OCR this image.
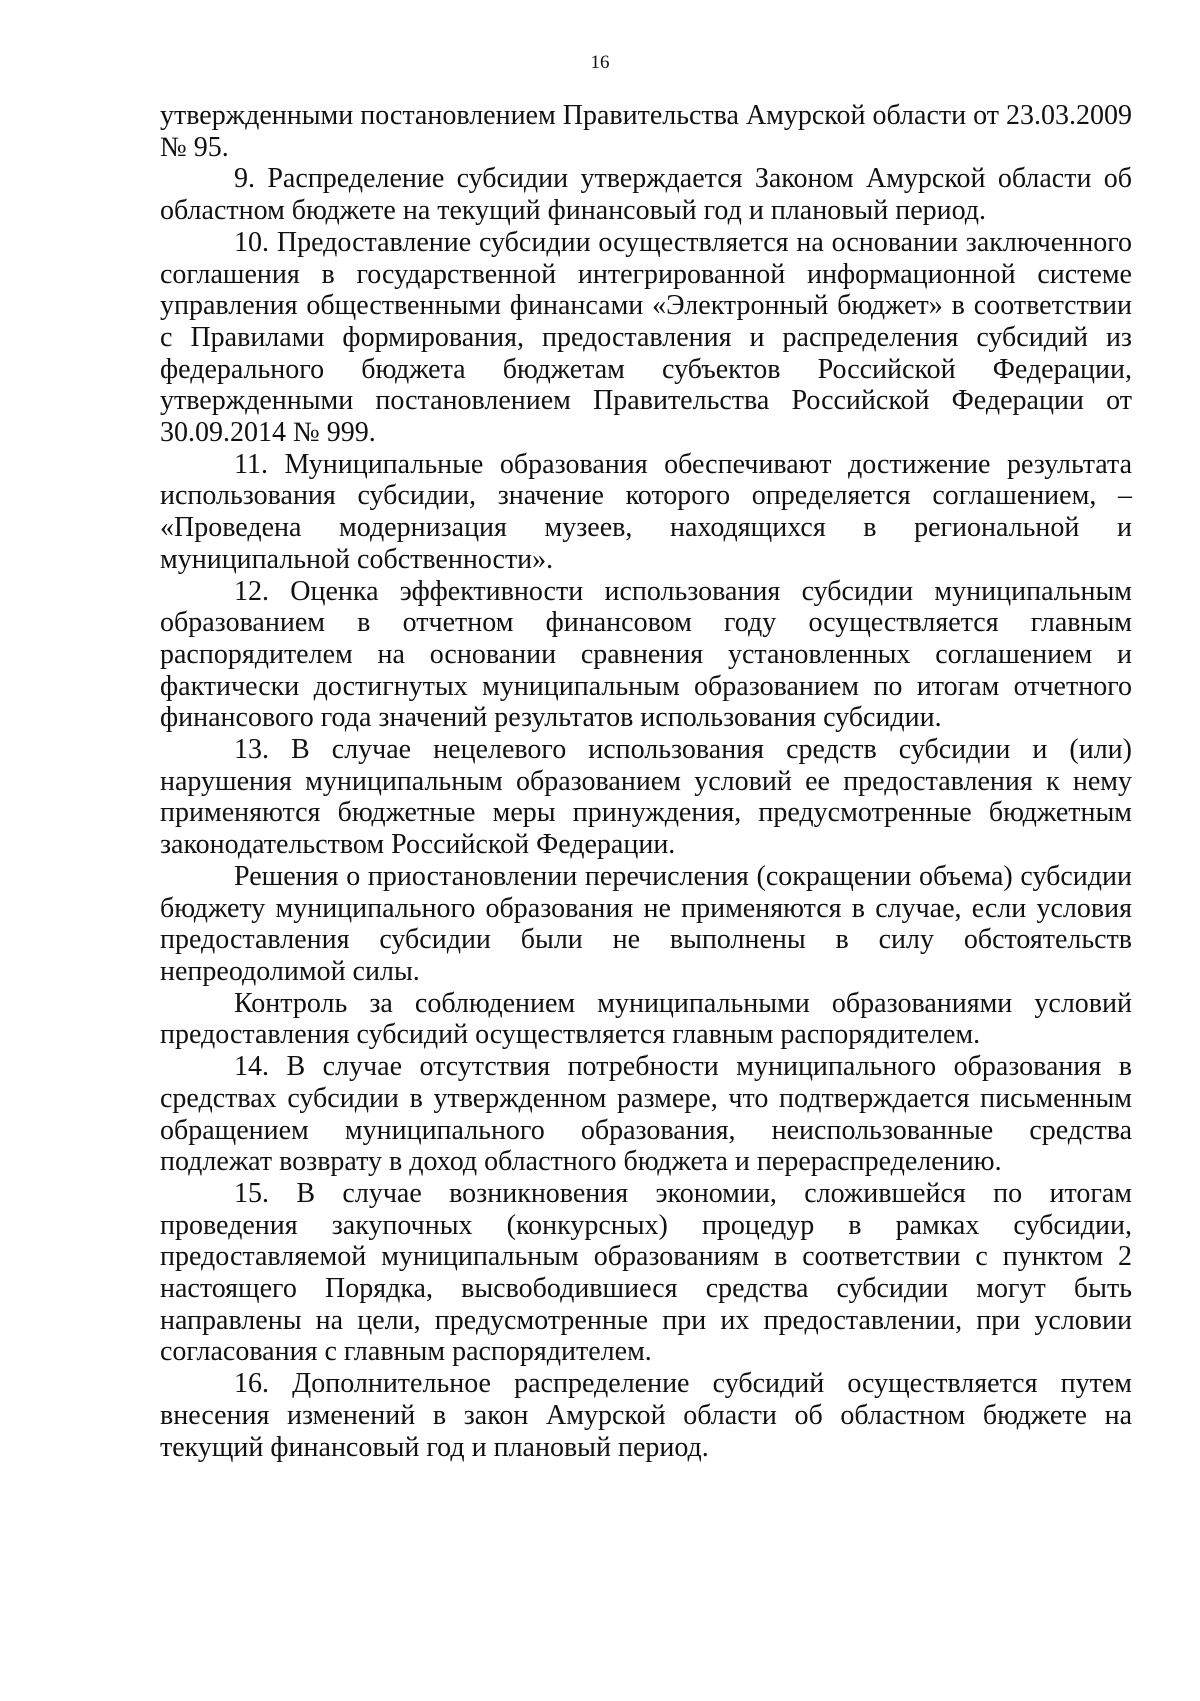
16

утвержденными постановлением Правительства Амурской области от 23.03.2009 № 95.

9. Распределение субсидии утверждается Законом Амурской области об областном бюджете на текущий финансовый год и плановый период.

10. Предоставление субсидии осуществляется на основании заключенного соглашения в государственной интегрированной информационной системе управления общественными финансами «Электронный бюджет» в соответствии с Правилами формирования, предоставления и распределения субсидий из федерального бюджета бюджетам субъектов Российской Федерации, утвержденными постановлением Правительства Российской Федерации от 30.09.2014 № 999.

11. Муниципальные образования обеспечивают достижение результата использования субсидии, значение которого определяется соглашением, – «Проведена модернизация музеев, находящихся в региональной и муниципальной собственности».

12. Оценка эффективности использования субсидии муниципальным образованием в отчетном финансовом году осуществляется главным распорядителем на основании сравнения установленных соглашением и фактически достигнутых муниципальным образованием по итогам отчетного финансового года значений результатов использования субсидии.

13. В случае нецелевого использования средств субсидии и (или) нарушения муниципальным образованием условий ее предоставления к нему применяются бюджетные меры принуждения, предусмотренные бюджетным законодательством Российской Федерации.

Решения о приостановлении перечисления (сокращении объема) субсидии бюджету муниципального образования не применяются в случае, если условия предоставления субсидии были не выполнены в силу обстоятельств непреодолимой силы.

Контроль за соблюдением муниципальными образованиями условий предоставления субсидий осуществляется главным распорядителем.

14. В случае отсутствия потребности муниципального образования в средствах субсидии в утвержденном размере, что подтверждается письменным обращением муниципального образования, неиспользованные средства подлежат возврату в доход областного бюджета и перераспределению.

15. В случае возникновения экономии, сложившейся по итогам проведения закупочных (конкурсных) процедур в рамках субсидии, предоставляемой муниципальным образованиям в соответствии с пунктом 2 настоящего Порядка, высвободившиеся средства субсидии могут быть направлены на цели, предусмотренные при их предоставлении, при условии согласования с главным распорядителем.

16. Дополнительное распределение субсидий осуществляется путем внесения изменений в закон Амурской области об областном бюджете на текущий финансовый год и плановый период.
